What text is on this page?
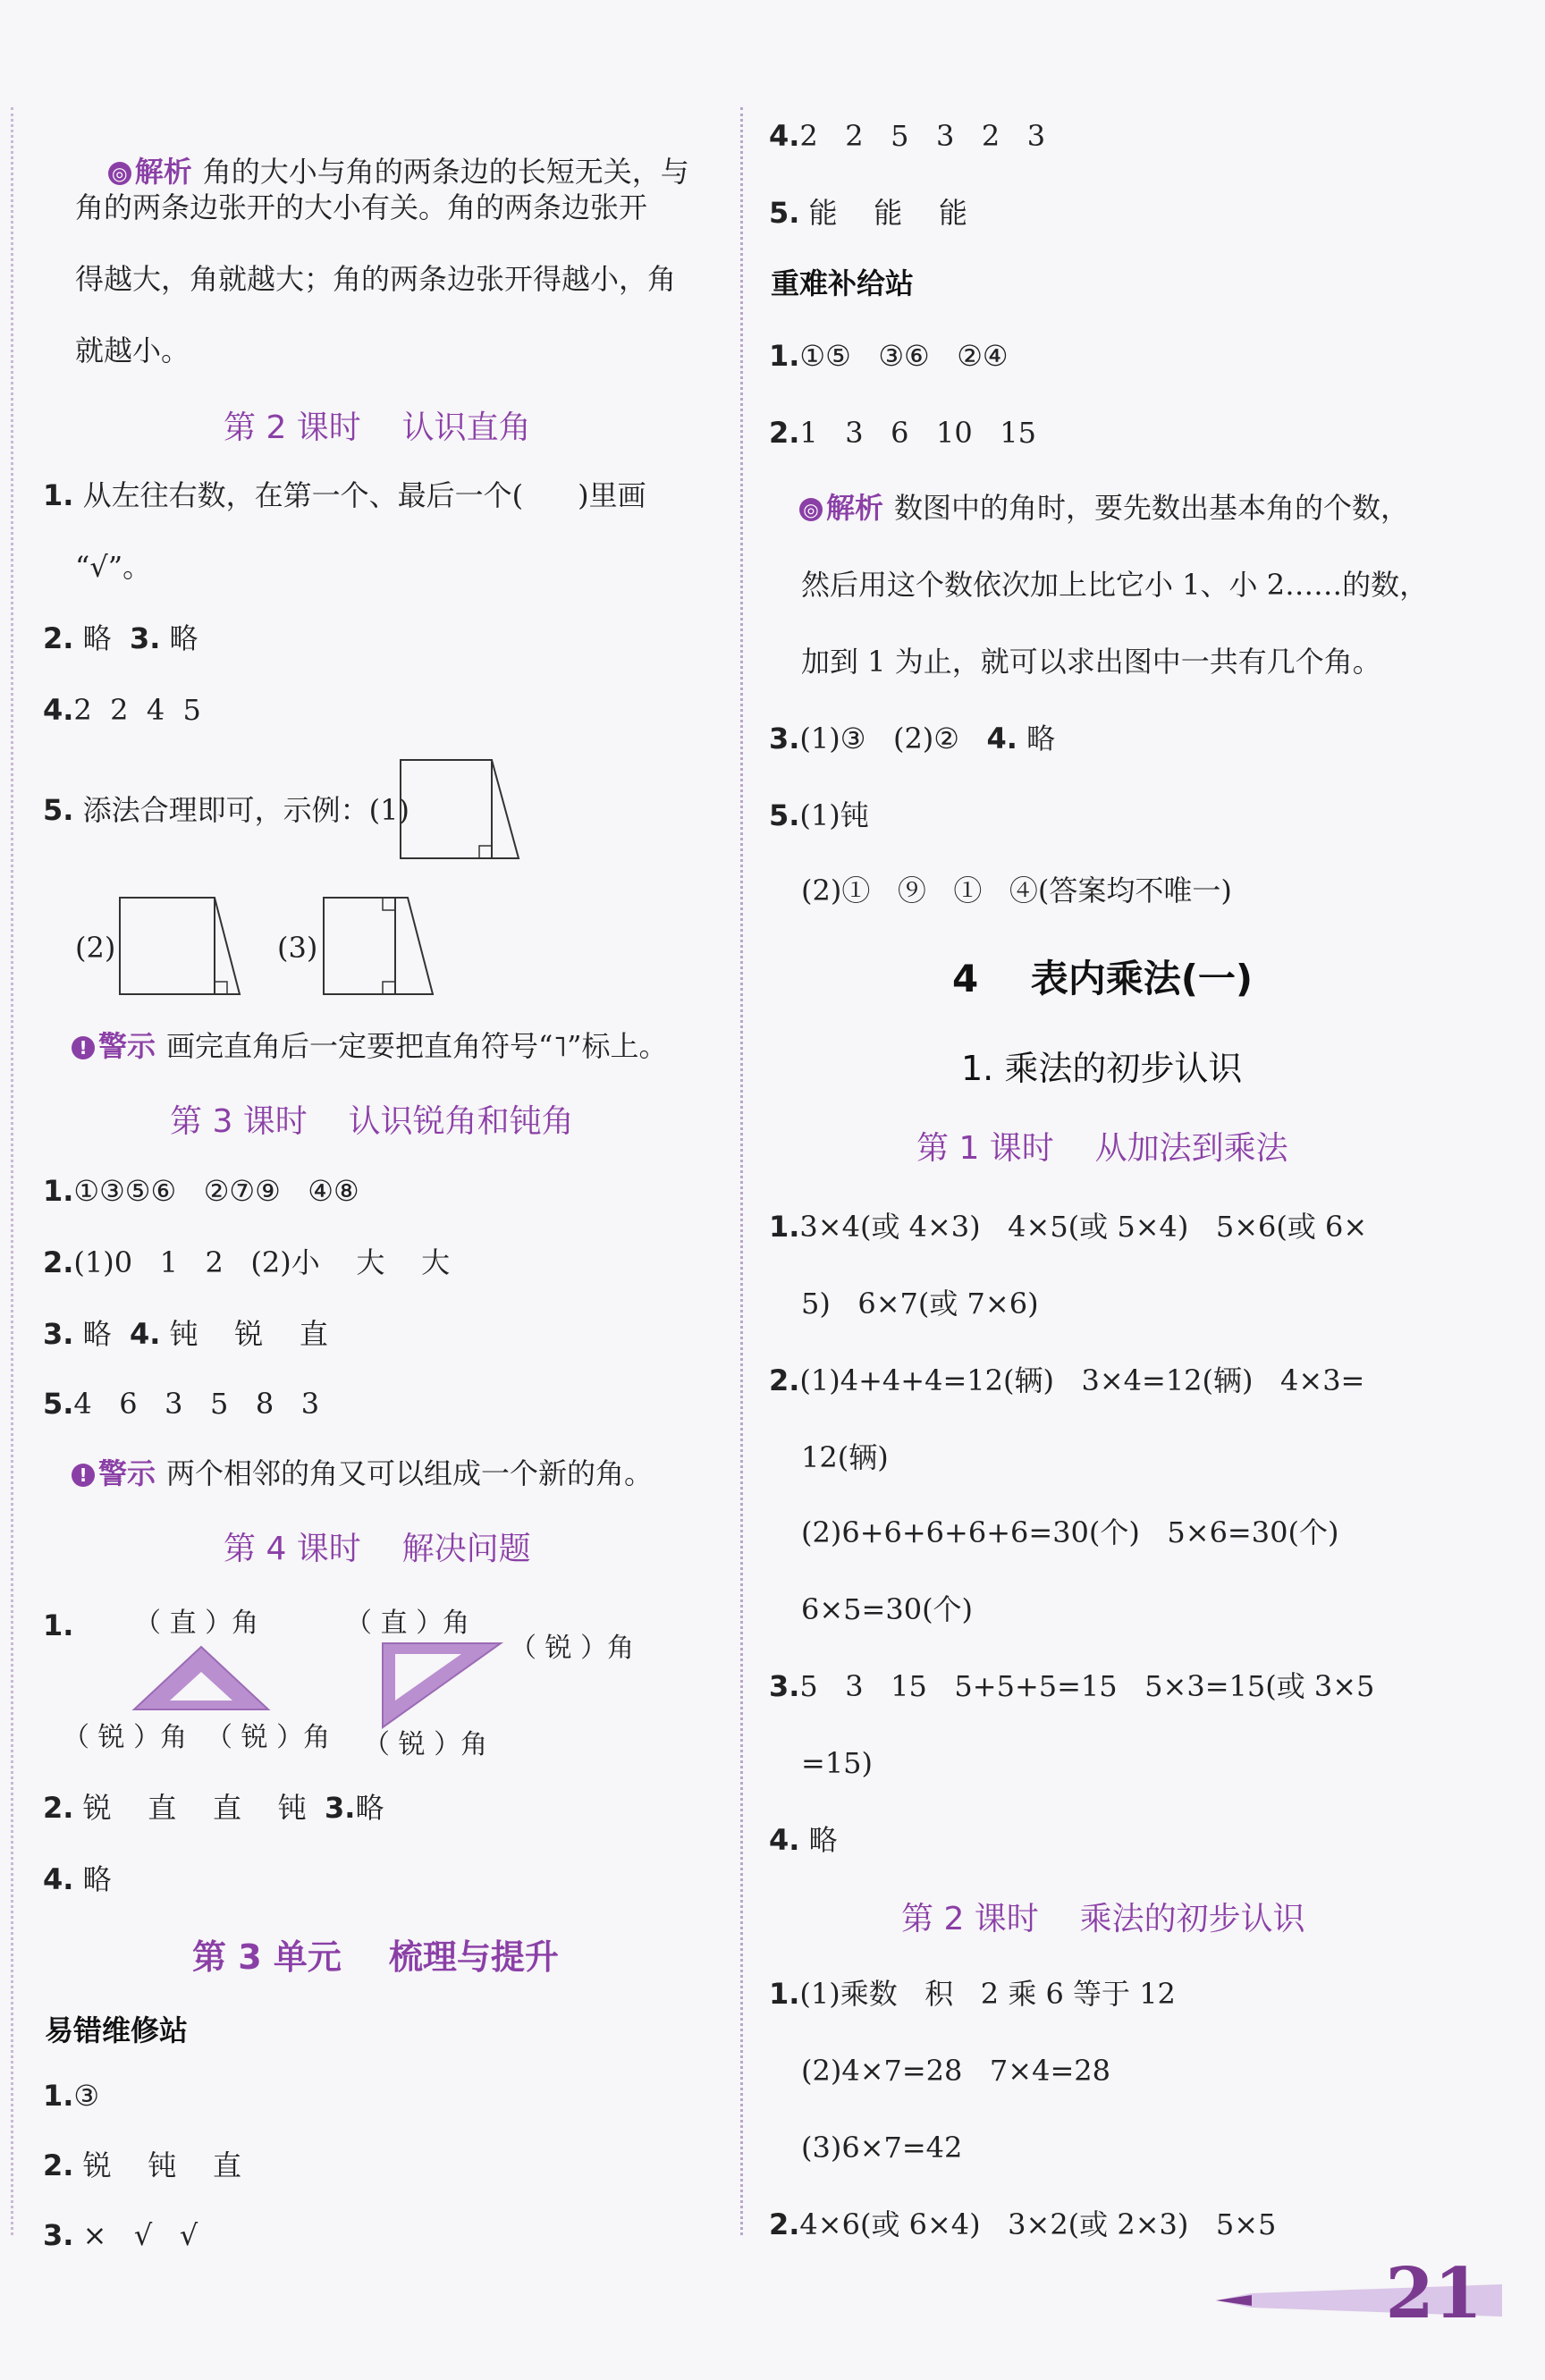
◎ 解析 角的大小与角的两条边的长短无关，与

角的两条边张开的大小有关。角的两条边张开
得越大，角就越大；角的两条边张开得越小，角
就越小。
第 2 课时    认识直角
1. 从左往右数，在第一个、最后一个(      )里画
“√”。
2. 略 3. 略
4.2  2  4  5
5. 添法合理即可，示例：(1)
(2)	(3)
! 警示 画完直角后一定要把直角符号“˥”标上。
第 3 课时    认识锐角和钝角
1.①③⑤⑥   ②⑦⑨   ④⑧
2.(1)0   1   2   (2)小    大    大
3. 略 4. 钝    锐    直
5.4   6   3   5   8   3
! 警示 两个相邻的角又可以组成一个新的角。
第 4 课时    解决问题
1. （ 直 ）角
（ 锐 ）角 （ 锐 ）角
（ 直 ）角
（ 锐 ）角
（ 锐 ）角
2. 锐    直    直    钝 3.略
4. 略
第 3 单元    梳理与提升
易错维修站
1.③
2. 锐    钝    直
3. ×   √   √
4.2   2   5   3   2   3
5. 能    能    能
重难补给站
1.①⑤   ③⑥   ②④
2.1   3   6   10   15
◎ 解析 数图中的角时，要先数出基本角的个数，
然后用这个数依次加上比它小 1、小 2……的数，
加到 1 为止，就可以求出图中一共有几个角。
3.(1)③   (2)② 4. 略
5.(1)钝
(2)①   ⑨   ①   ④(答案均不唯一)
4    表内乘法(一)
1. 乘法的初步认识
第 1 课时    从加法到乘法
1.3×4(或 4×3)   4×5(或 5×4)   5×6(或 6×
5)   6×7(或 7×6)
2.(1)4+4+4=12(辆)   3×4=12(辆)   4×3=
12(辆)
(2)6+6+6+6+6=30(个)   5×6=30(个)
6×5=30(个)
3.5   3   15   5+5+5=15   5×3=15(或 3×5
=15)
4. 略
第 2 课时    乘法的初步认识
1.(1)乘数   积   2 乘 6 等于 12
(2)4×7=28   7×4=28
(3)6×7=42
2.4×6(或 6×4)   3×2(或 2×3)   5×5
21
